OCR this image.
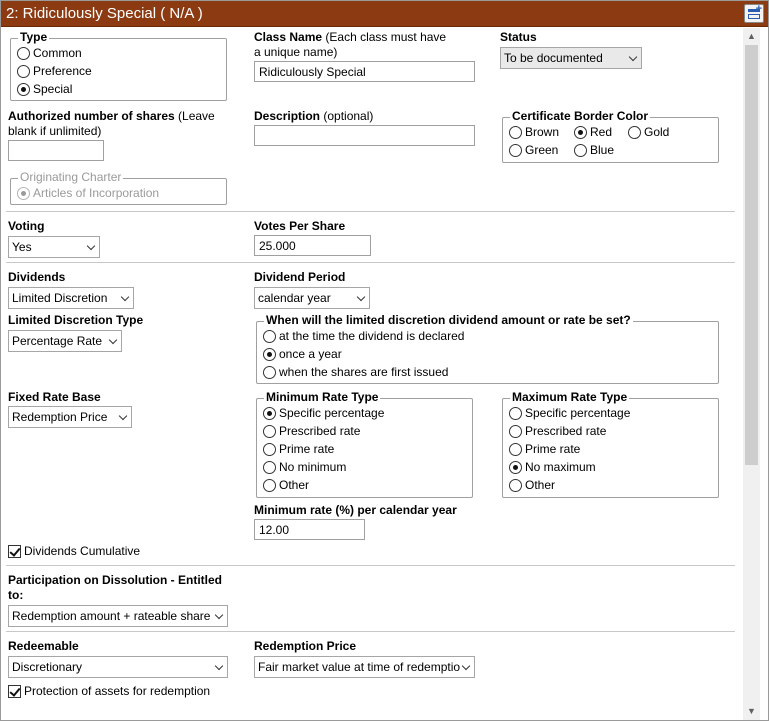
2: Ridiculously Special ( N/A )	+
Type
Common
Preference
Special
Class Name (Each class must have a unique name)
Ridiculously Special
Status
To be documented
Authorized number of shares (Leave blank if unlimited)
Description (optional)	Certificate Border Color
Brown	Red	Gold
Green	Blue
Originating Charter
Articles of Incorporation
Voting
Yes
Votes Per Share
25.000
Dividends
Limited Discretion
Dividend Period
calendar year
Limited Discretion Type
Percentage Rate
When will the limited discretion dividend amount or rate be set?
at the time the dividend is declared
once a year
when the shares are first issued
Fixed Rate Base
Redemption Price
Minimum Rate Type
Specific percentage
Prescribed rate
Prime rate
No minimum
Other
Maximum Rate Type
Specific percentage
Prescribed rate
Prime rate
No maximum
Other
Minimum rate (%) per calendar year
12.00
Dividends Cumulative
Participation on Dissolution - Entitled to:
Redemption amount + rateable share
Redeemable
Discretionary
Redemption Price
Fair market value at time of redemptio
Protection of assets for redemption
▲
▼
